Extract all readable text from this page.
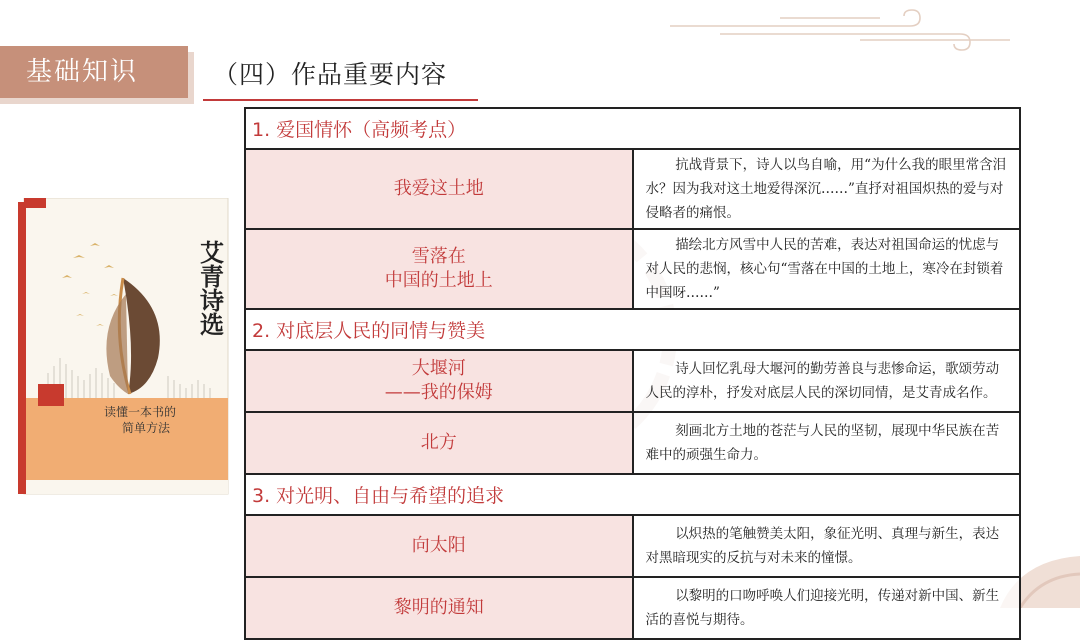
基础知识	（四）作品重要内容
艾青诗选
读懂一本书的
简单方法
1. 爱国情怀（高频考点）	

我爱这土地	抗战背景下，诗人以鸟自喻，用“为什么我的眼里常含泪水？因为我对这土地爱得深沉……”直抒对祖国炽热的爱与对侵略者的痛恨。

雪落在
中国的土地上	描绘北方风雪中人民的苦难，表达对祖国命运的忧虑与对人民的悲悯，核心句“雪落在中国的土地上，寒冷在封锁着中国呀……”
2. 对底层人民的同情与赞美	

大堰河
——我的保姆	诗人回忆乳母大堰河的勤劳善良与悲惨命运，歌颂劳动人民的淳朴，抒发对底层人民的深切同情，是艾青成名作。

北方	刻画北方土地的苍茫与人民的坚韧，展现中华民族在苦难中的顽强生命力。
3. 对光明、自由与希望的追求	

向太阳	以炽热的笔触赞美太阳，象征光明、真理与新生，表达对黑暗现实的反抗与对未来的憧憬。

黎明的通知	以黎明的口吻呼唤人们迎接光明，传递对新中国、新生活的喜悦与期待。
